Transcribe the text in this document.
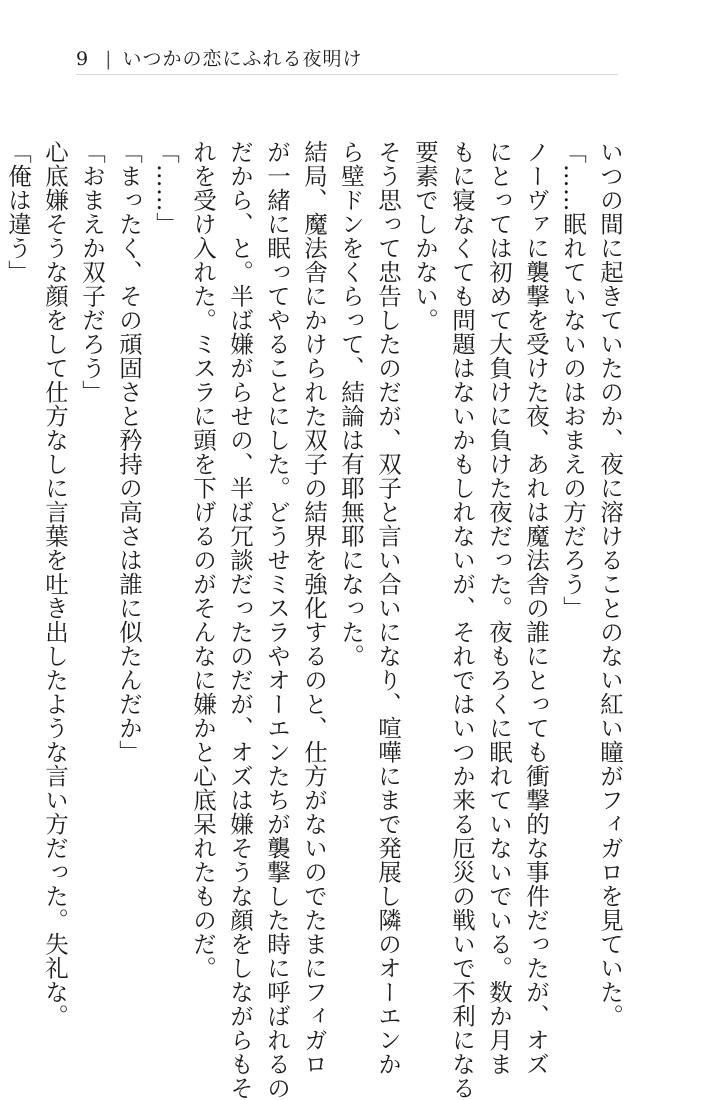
9 | いつかの恋にふれる夜明け
いつの間に起きていたのか、夜に溶けることのない紅い瞳がフィガロを見ていた。
「……眠れていないのはおまえの方だろう」
ノーヴァに襲撃を受けた夜、あれは魔法舎の誰にとっても衝撃的な事件だったが、オズ
にとっては初めて大負けに負けた夜だった。夜もろくに眠れていないでいる。数か月ま
もに寝なくても問題はないかもしれないが、それではいつか来る厄災の戦いで不利になる
要素でしかない。
そう思って忠告したのだが、双子と言い合いになり、喧嘩にまで発展し隣のオーエンか
ら壁ドンをくらって、結論は有耶無耶になった。
結局、魔法舎にかけられた双子の結界を強化するのと、仕方がないのでたまにフィガロ
が一緒に眠ってやることにした。どうせミスラやオーエンたちが襲撃した時に呼ばれるの
だから、と。半ば嫌がらせの、半ば冗談だったのだが、オズは嫌そうな顔をしながらもそ
れを受け入れた。ミスラに頭を下げるのがそんなに嫌かと心底呆れたものだ。
「……」
「まったく、その頑固さと矜持の高さは誰に似たんだか」
「おまえか双子だろう」
心底嫌そうな顔をして仕方なしに言葉を吐き出したような言い方だった。失礼な。
「俺は違う」
